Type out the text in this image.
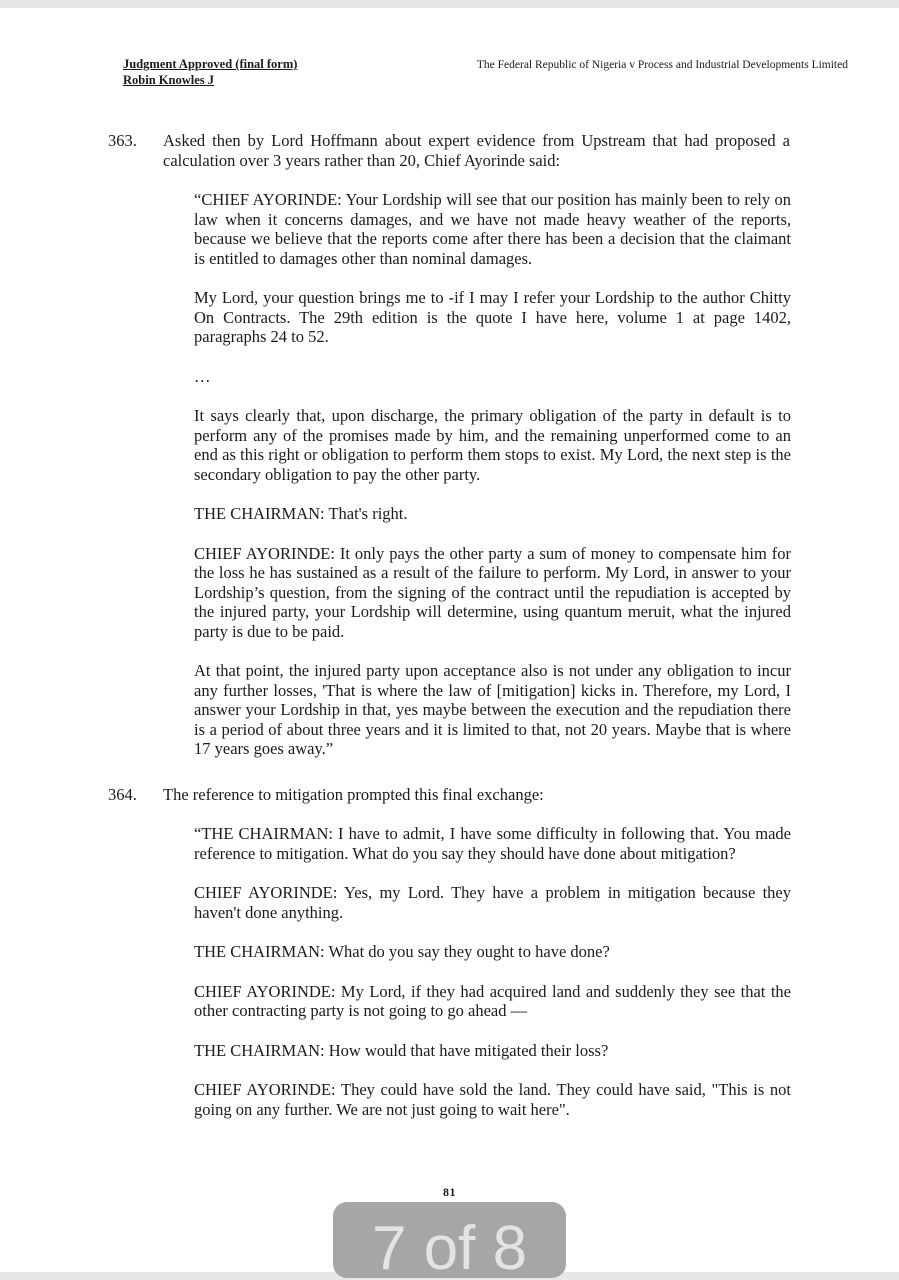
Judgment Approved (final form)
Robin Knowles J
The Federal Republic of Nigeria v Process and Industrial Developments Limited
363.	Asked then by Lord Hoffmann about expert evidence from Upstream that had proposed a calculation over 3 years rather than 20, Chief Ayorinde said:
“CHIEF AYORINDE: Your Lordship will see that our position has mainly been to rely on law when it concerns damages, and we have not made heavy weather of the reports, because we believe that the reports come after there has been a decision that the claimant is entitled to damages other than nominal damages.
My Lord, your question brings me to -if I may I refer your Lordship to the author Chitty On Contracts. The 29th edition is the quote I have here, volume 1 at page 1402, paragraphs 24 to 52.
…
It says clearly that, upon discharge, the primary obligation of the party in default is to perform any of the promises made by him, and the remaining unperformed come to an end as this right or obligation to perform them stops to exist. My Lord, the next step is the secondary obligation to pay the other party.
THE CHAIRMAN: That's right.
CHIEF AYORINDE: It only pays the other party a sum of money to compensate him for the loss he has sustained as a result of the failure to perform. My Lord, in answer to your Lordship’s question, from the signing of the contract until the repudiation is accepted by the injured party, your Lordship will determine, using quantum meruit, what the injured party is due to be paid.
At that point, the injured party upon acceptance also is not under any obligation to incur any further losses, 'That is where the law of [mitigation] kicks in. Therefore, my Lord, I answer your Lordship in that, yes maybe between the execution and the repudiation there is a period of about three years and it is limited to that, not 20 years. Maybe that is where 17 years goes away.”
364.	The reference to mitigation prompted this final exchange:
“THE CHAIRMAN: I have to admit, I have some difficulty in following that. You made reference to mitigation. What do you say they should have done about mitigation?
CHIEF AYORINDE: Yes, my Lord. They have a problem in mitigation because they haven't done anything.
THE CHAIRMAN: What do you say they ought to have done?
CHIEF AYORINDE: My Lord, if they had acquired land and suddenly they see that the other contracting party is not going to go ahead —
THE CHAIRMAN: How would that have mitigated their loss?
CHIEF AYORINDE: They could have sold the land. They could have said, "This is not going on any further. We are not just going to wait here".
81
7 of 8
